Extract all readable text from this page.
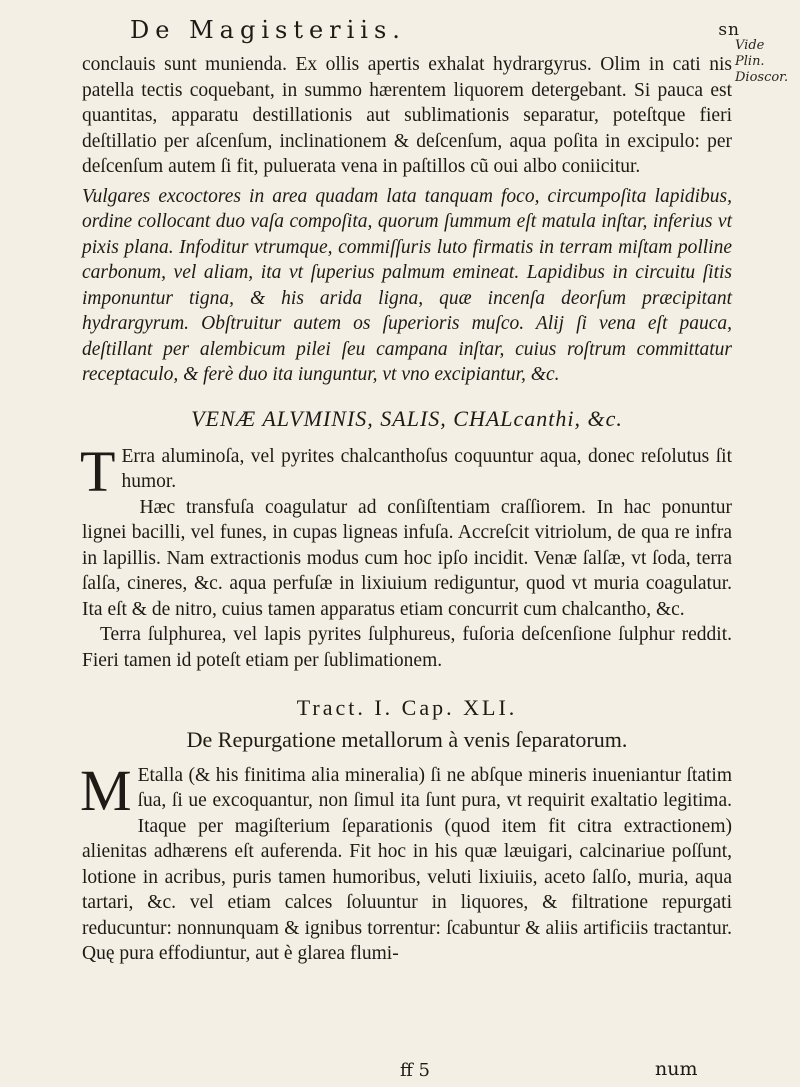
De Magisteriis.	sn
Vide Plin. Dioscor.

conclauis sunt munienda. Ex ollis apertis exhalat hydrargyrus. Olim in cati nis patella tectis coquebant, in summo hærentem liquorem detergebant. Si pauca est quantitas, apparatu destillationis aut sublimationis separatur, poteſtque fieri deſtillatio per aſcenſum, inclinationem & deſcenſum, aqua poſita in excipulo: per deſcenſum autem ſi fit, puluerata vena in paſtillos cũ oui albo coniicitur.

Vulgares excoctores in area quadam lata tanquam foco, circumpoſita lapidibus, ordine collocant duo vaſa compoſita, quorum ſummum eſt matula inſtar, inferius vt pixis plana. Infoditur vtrumque, commiſſuris luto firmatis in terram miſtam polline carbonum, vel aliam, ita vt ſuperius palmum emineat. Lapidibus in circuitu ſitis imponuntur tigna, & his arida ligna, quæ incenſa deorſum præcipitant hydrargyrum. Obſtruitur autem os ſuperioris muſco. Alij ſi vena eſt pauca, deſtillant per alembicum pilei ſeu campana inſtar, cuius roſtrum committatur receptaculo, & ferè duo ita iunguntur, vt vno excipiantur, &c.

VENÆ ALVMINIS, SALIS, CHALcanthi, &c.

T Erra aluminoſa, vel pyrites chalcanthoſus coquuntur aqua, donec reſolutus ſit humor.

Hæc transfuſa coagulatur ad conſiſtentiam craſſiorem. In hac ponuntur lignei bacilli, vel funes, in cupas ligneas infuſa. Accreſcit vitriolum, de qua re infra in lapillis. Nam extractionis modus cum hoc ipſo incidit. Venæ ſalſæ, vt ſoda, terra ſalſa, cineres, &c. aqua perfuſæ in lixiuium rediguntur, quod vt muria coagulatur. Ita eſt & de nitro, cuius tamen apparatus etiam concurrit cum chalcantho, &c.

Terra ſulphurea, vel lapis pyrites ſulphureus, fuſoria deſcenſione ſulphur reddit. Fieri tamen id poteſt etiam per ſublimationem.

Tract. I. Cap. XLI.
De Repurgatione metallorum à venis ſeparatorum.

M Etalla (& his finitima alia mineralia) ſi ne abſque mineris inueniantur ſtatim ſua, ſi ue excoquantur, non ſimul ita ſunt pura, vt requirit exaltatio legitima. Itaque per magiſterium ſeparationis (quod item fit citra extractionem) alienitas adhærens eſt auferenda. Fit hoc in his quæ læuigari, calcinariue poſſunt, lotione in acribus, puris tamen humoribus, veluti lixiuiis, aceto ſalſo, muria, aqua tartari, &c. vel etiam calces ſoluuntur in liquores, & filtratione repurgati reducuntur: nonnunquam & ignibus torrentur: ſcabuntur & aliis artificiis tractantur. Quę pura effodiuntur, aut è glarea flumi-

ff 5	num
